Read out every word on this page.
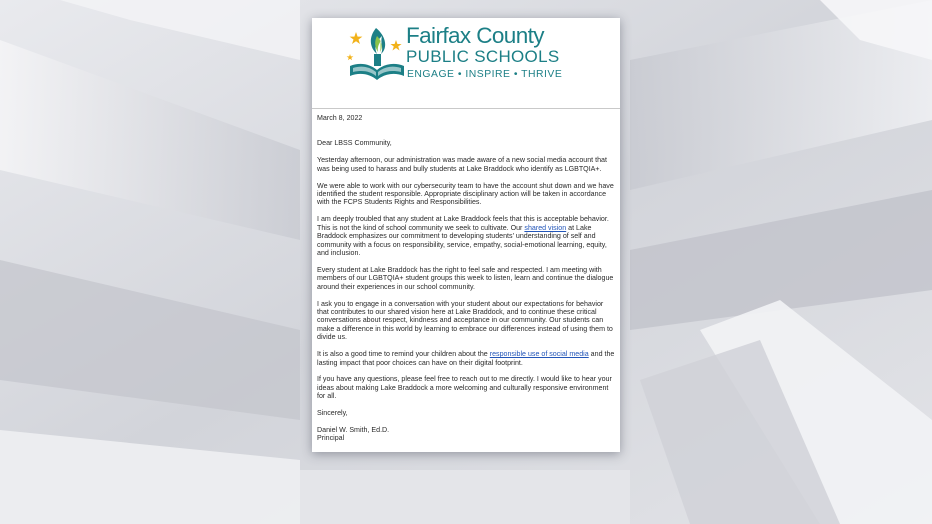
Fairfax County
PUBLIC SCHOOLS
ENGAGE • INSPIRE • THRIVE

March 8, 2022

Dear LBSS Community,

Yesterday afternoon, our administration was made aware of a new social media account that was being used to harass and bully students at Lake Braddock who identify as LGBTQIA+.

We were able to work with our cybersecurity team to have the account shut down and we have identified the student responsible. Appropriate disciplinary action will be taken in accordance with the FCPS Students Rights and Responsibilities.

I am deeply troubled that any student at Lake Braddock feels that this is acceptable behavior. This is not the kind of school community we seek to cultivate. Our shared vision at Lake Braddock emphasizes our commitment to developing students' understanding of self and community with a focus on responsibility, service, empathy, social-emotional learning, equity, and inclusion.

Every student at Lake Braddock has the right to feel safe and respected. I am meeting with members of our LGBTQIA+ student groups this week to listen, learn and continue the dialogue around their experiences in our school community.

I ask you to engage in a conversation with your student about our expectations for behavior that contributes to our shared vision here at Lake Braddock, and to continue these critical conversations about respect, kindness and acceptance in our community. Our students can make a difference in this world by learning to embrace our differences instead of using them to divide us.

It is also a good time to remind your children about the responsible use of social media and the lasting impact that poor choices can have on their digital footprint.

If you have any questions, please feel free to reach out to me directly. I would like to hear your ideas about making Lake Braddock a more welcoming and culturally responsive environment for all.

Sincerely,

Daniel W. Smith, Ed.D.

Principal
